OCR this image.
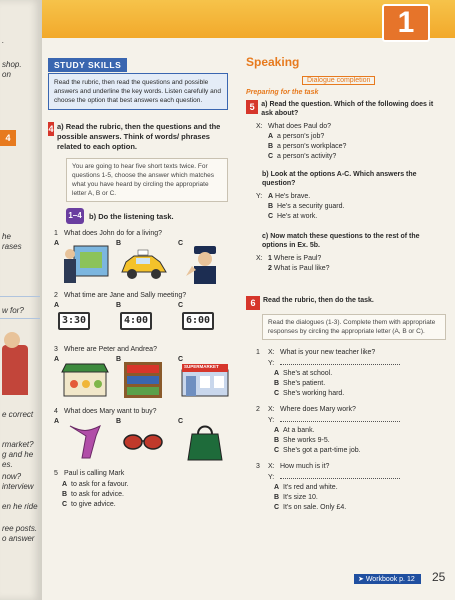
.
shop.
on
4
he
rases
w for?
e correct
rmarket?
g and he
es.
now?
interview
en he ride
ree posts.
o answer
1
STUDY SKILLS
Read the rubric, then read the questions and possible answers and underline the key words. Listen carefully and choose the option that best answers each question.
4 a) Read the rubric, then the questions and the possible answers. Think of words/ phrases related to each option.
You are going to hear five short texts twice. For questions 1-5, choose the answer which matches what you have heard by circling the appropriate letter A, B or C.
1–4 b)
Do the listening task.
1 What does John do for a living?
A	B	C
2 What time are Jane and Sally meeting?
A	B	C
3:30	4:00	6:00
3 Where are Peter and Andrea?
A	B	C
SUPERMARKET
4 What does Mary want to buy?
A	B	C
5 Paul is calling Mark
A to ask for a favour.
B to ask for advice.
C to give advice.
Speaking
Dialogue completion
Preparing for the task
5 a) Read the question. Which of the following does it ask about?
X: What does Paul do?
A a person's job?
B a person's workplace?
C a person's activity?
b) Look at the options A-C. Which answers the question?
Y: A He's brave.
B He's a security guard.
C He's at work.
c) Now match these questions to the rest of the options in Ex. 5b.
X: 1 Where is Paul?
2 What is Paul like?
6	Read the rubric, then do the task.
Read the dialogues (1-3). Complete them with appropriate responses by circling the appropriate letter (A, B or C).
1 X: What is your new teacher like?
Y:
A She's at school.
B She's patient.
C She's working hard.
2 X: Where does Mary work?
Y:
A At a bank.
B She works 9-5.
C She's got a part-time job.
3 X: How much is it?
Y:
A It's red and white.
B It's size 10.
C It's on sale. Only £4.
➤ Workbook p. 12	25
